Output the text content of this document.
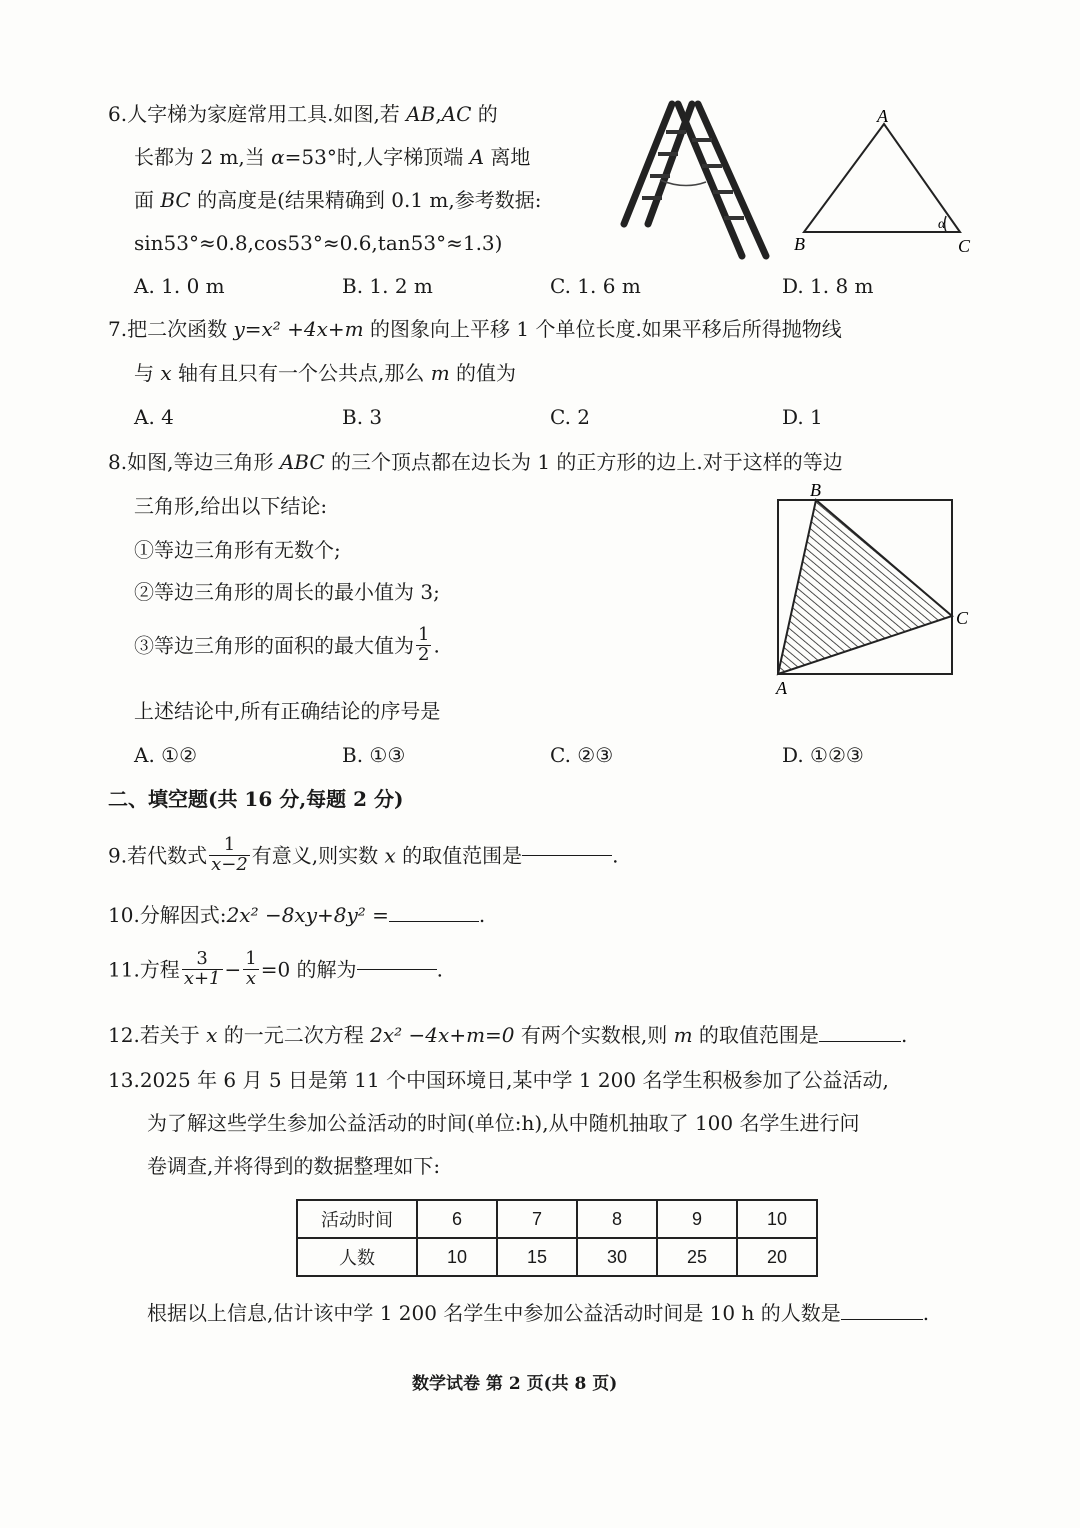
6.人字梯为家庭常用工具.如图,若 AB,AC 的
长都为 2 m,当 α=53°时,人字梯顶端 A 离地
面 BC 的高度是(结果精确到 0.1 m,参考数据:
sin53°≈0.8,cos53°≈0.6,tan53°≈1.3)
A
B	C
α
A. 1. 0 m	B. 1. 2 m	C. 1. 6 m	D. 1. 8 m
7.把二次函数 y=x² +4x+m 的图象向上平移 1 个单位长度.如果平移后所得抛物线
与 x 轴有且只有一个公共点,那么 m 的值为
A. 4	B. 3	C. 2	D. 1
8.如图,等边三角形 ABC 的三个顶点都在边长为 1 的正方形的边上.对于这样的等边
三角形,给出以下结论:
①等边三角形有无数个;
②等边三角形的周长的最小值为 3;
③等边三角形的面积的最大值为 $\frac{1}{2}$ .
上述结论中,所有正确结论的序号是
B
C
A
A. ①②	B. ①③	C. ②③	D. ①②③
二、填空题(共 16 分,每题 2 分)
9.若代数式 $\frac{1}{x-2}$ 有意义,则实数 x 的取值范围是	.
10.分解因式:2x² −8xy+8y² =	.
11.方程 $\frac{3}{x+1} - \frac{1}{x} =0$ 的解为	.
12.若关于 x 的一元二次方程 2x² −4x+m=0 有两个实数根,则 m 的取值范围是	.
13.2025 年 6 月 5 日是第 11 个中国环境日,某中学 1 200 名学生积极参加了公益活动,
为了解这些学生参加公益活动的时间(单位:h),从中随机抽取了 100 名学生进行问
卷调查,并将得到的数据整理如下:
活动时间	6	7	8	9	10
人数	10	15	30	25	20
根据以上信息,估计该中学 1 200 名学生中参加公益活动时间是 10 h 的人数是	.
数学试卷 第 2 页(共 8 页)
